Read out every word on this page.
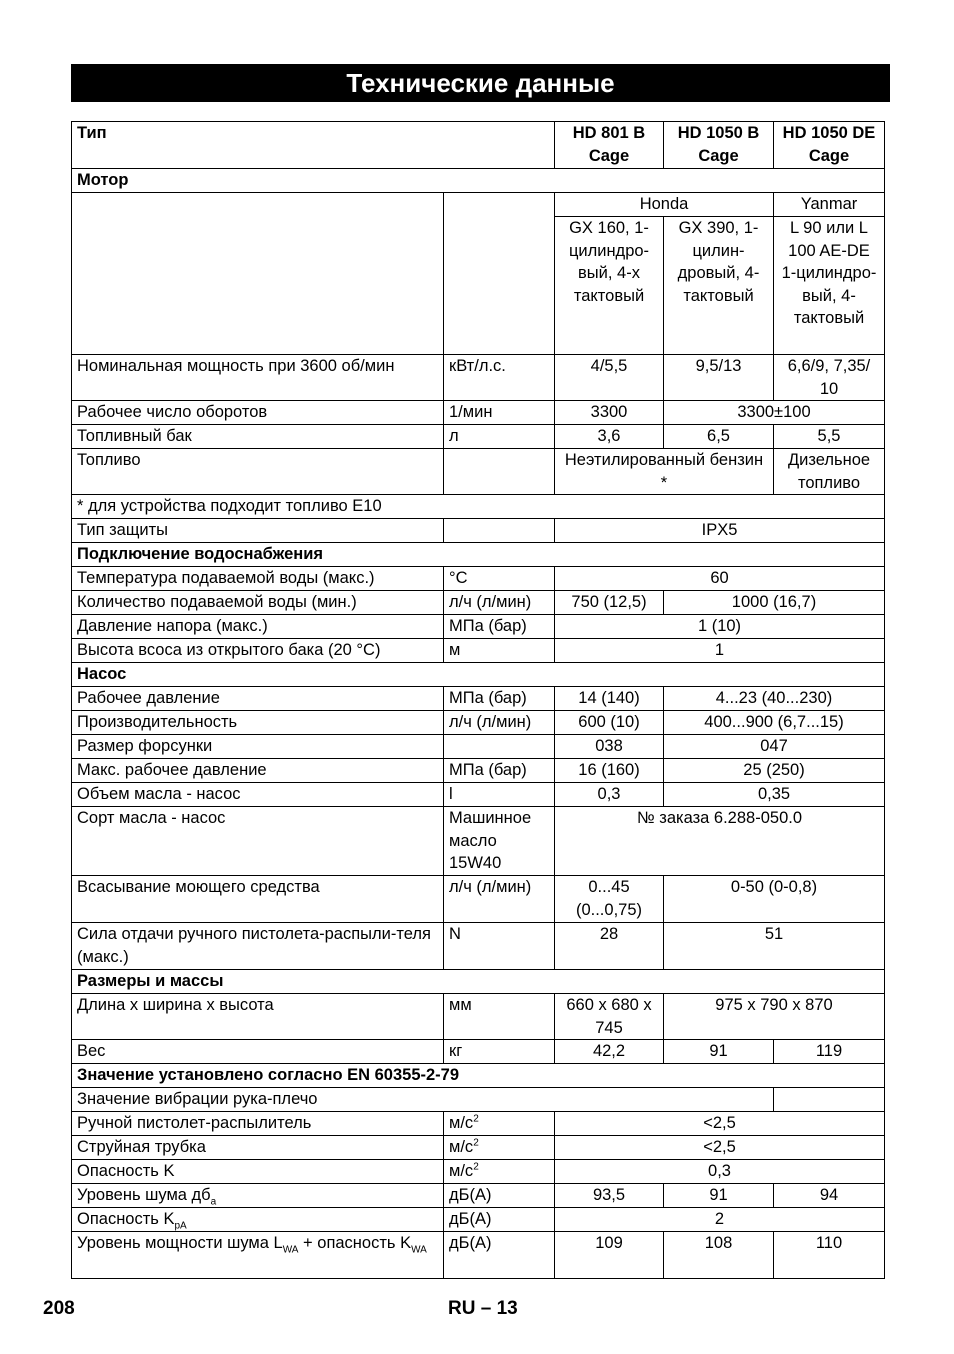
Технические данные
Тип		HD 801 B Cage	HD 1050 B Cage	HD 1050 DE Cage
Мотор				
		Honda		Yanmar
		GX 160, 1-цилиндро-вый, 4-х тактовый	GX 390, 1-цилин-дровый, 4-тактовый	L 90 или L 100 AE-DE 1-цилиндро-вый, 4-тактовый
Номинальная мощность при 3600 об/мин	кВт/л.с.	4/5,5	9,5/13	6,6/9, 7,35/ 10
Рабочее число оборотов	1/мин	3300	3300±100	
Топливный бак	л	3,6	6,5	5,5
Топливо		Неэтилированный бензин *		Дизельное топливо
* для устройства подходит топливо E10				
Тип защиты		IPX5		
Подключение водоснабжения				
Температура подаваемой воды (макс.)	°C	60		
Количество подаваемой воды (мин.)	л/ч (л/мин)	750 (12,5)	1000 (16,7)	
Давление напора (макс.)	МПа (бар)	1 (10)		
Высота всоса из открытого бака (20 °C)	м	1		
Насос				
Рабочее давление	МПа (бар)	14 (140)	4...23 (40...230)	
Производительность	л/ч (л/мин)	600 (10)	400...900 (6,7...15)	
Размер форсунки		038	047	
Макс. рабочее давление	МПа (бар)	16 (160)	25 (250)	
Объем масла - насос	l	0,3	0,35	
Сорт масла - насос	Машинное масло 15W40	№ заказа 6.288-050.0		
Всасывание моющего средства	л/ч (л/мин)	0...45 (0...0,75)	0-50 (0-0,8)	
Сила отдачи ручного пистолета-распыли-теля (макс.)	N	28	51	
Размеры и массы				
Длина х ширина х высота	мм	660 x 680 x 745	975 x 790 x 870	
Вес	кг	42,2	91	119
Значение установлено согласно EN 60355-2-79				
Значение вибрации рука-плечо				
Ручной пистолет-распылитель	$м/с^2$	<2,5		
Струйная трубка	$м/с^2$	<2,5		
Опасность K	$м/с^2$	0,3		
Уровень шума $дб_a$	дБ(A)	93,5	91	94
Опасность $K_{pA}$	дБ(A)	2		
Уровень мощности шума $L_{WA}$ + опасность $K_{WA}$	дБ(A)	109	108	110
208	RU – 13
